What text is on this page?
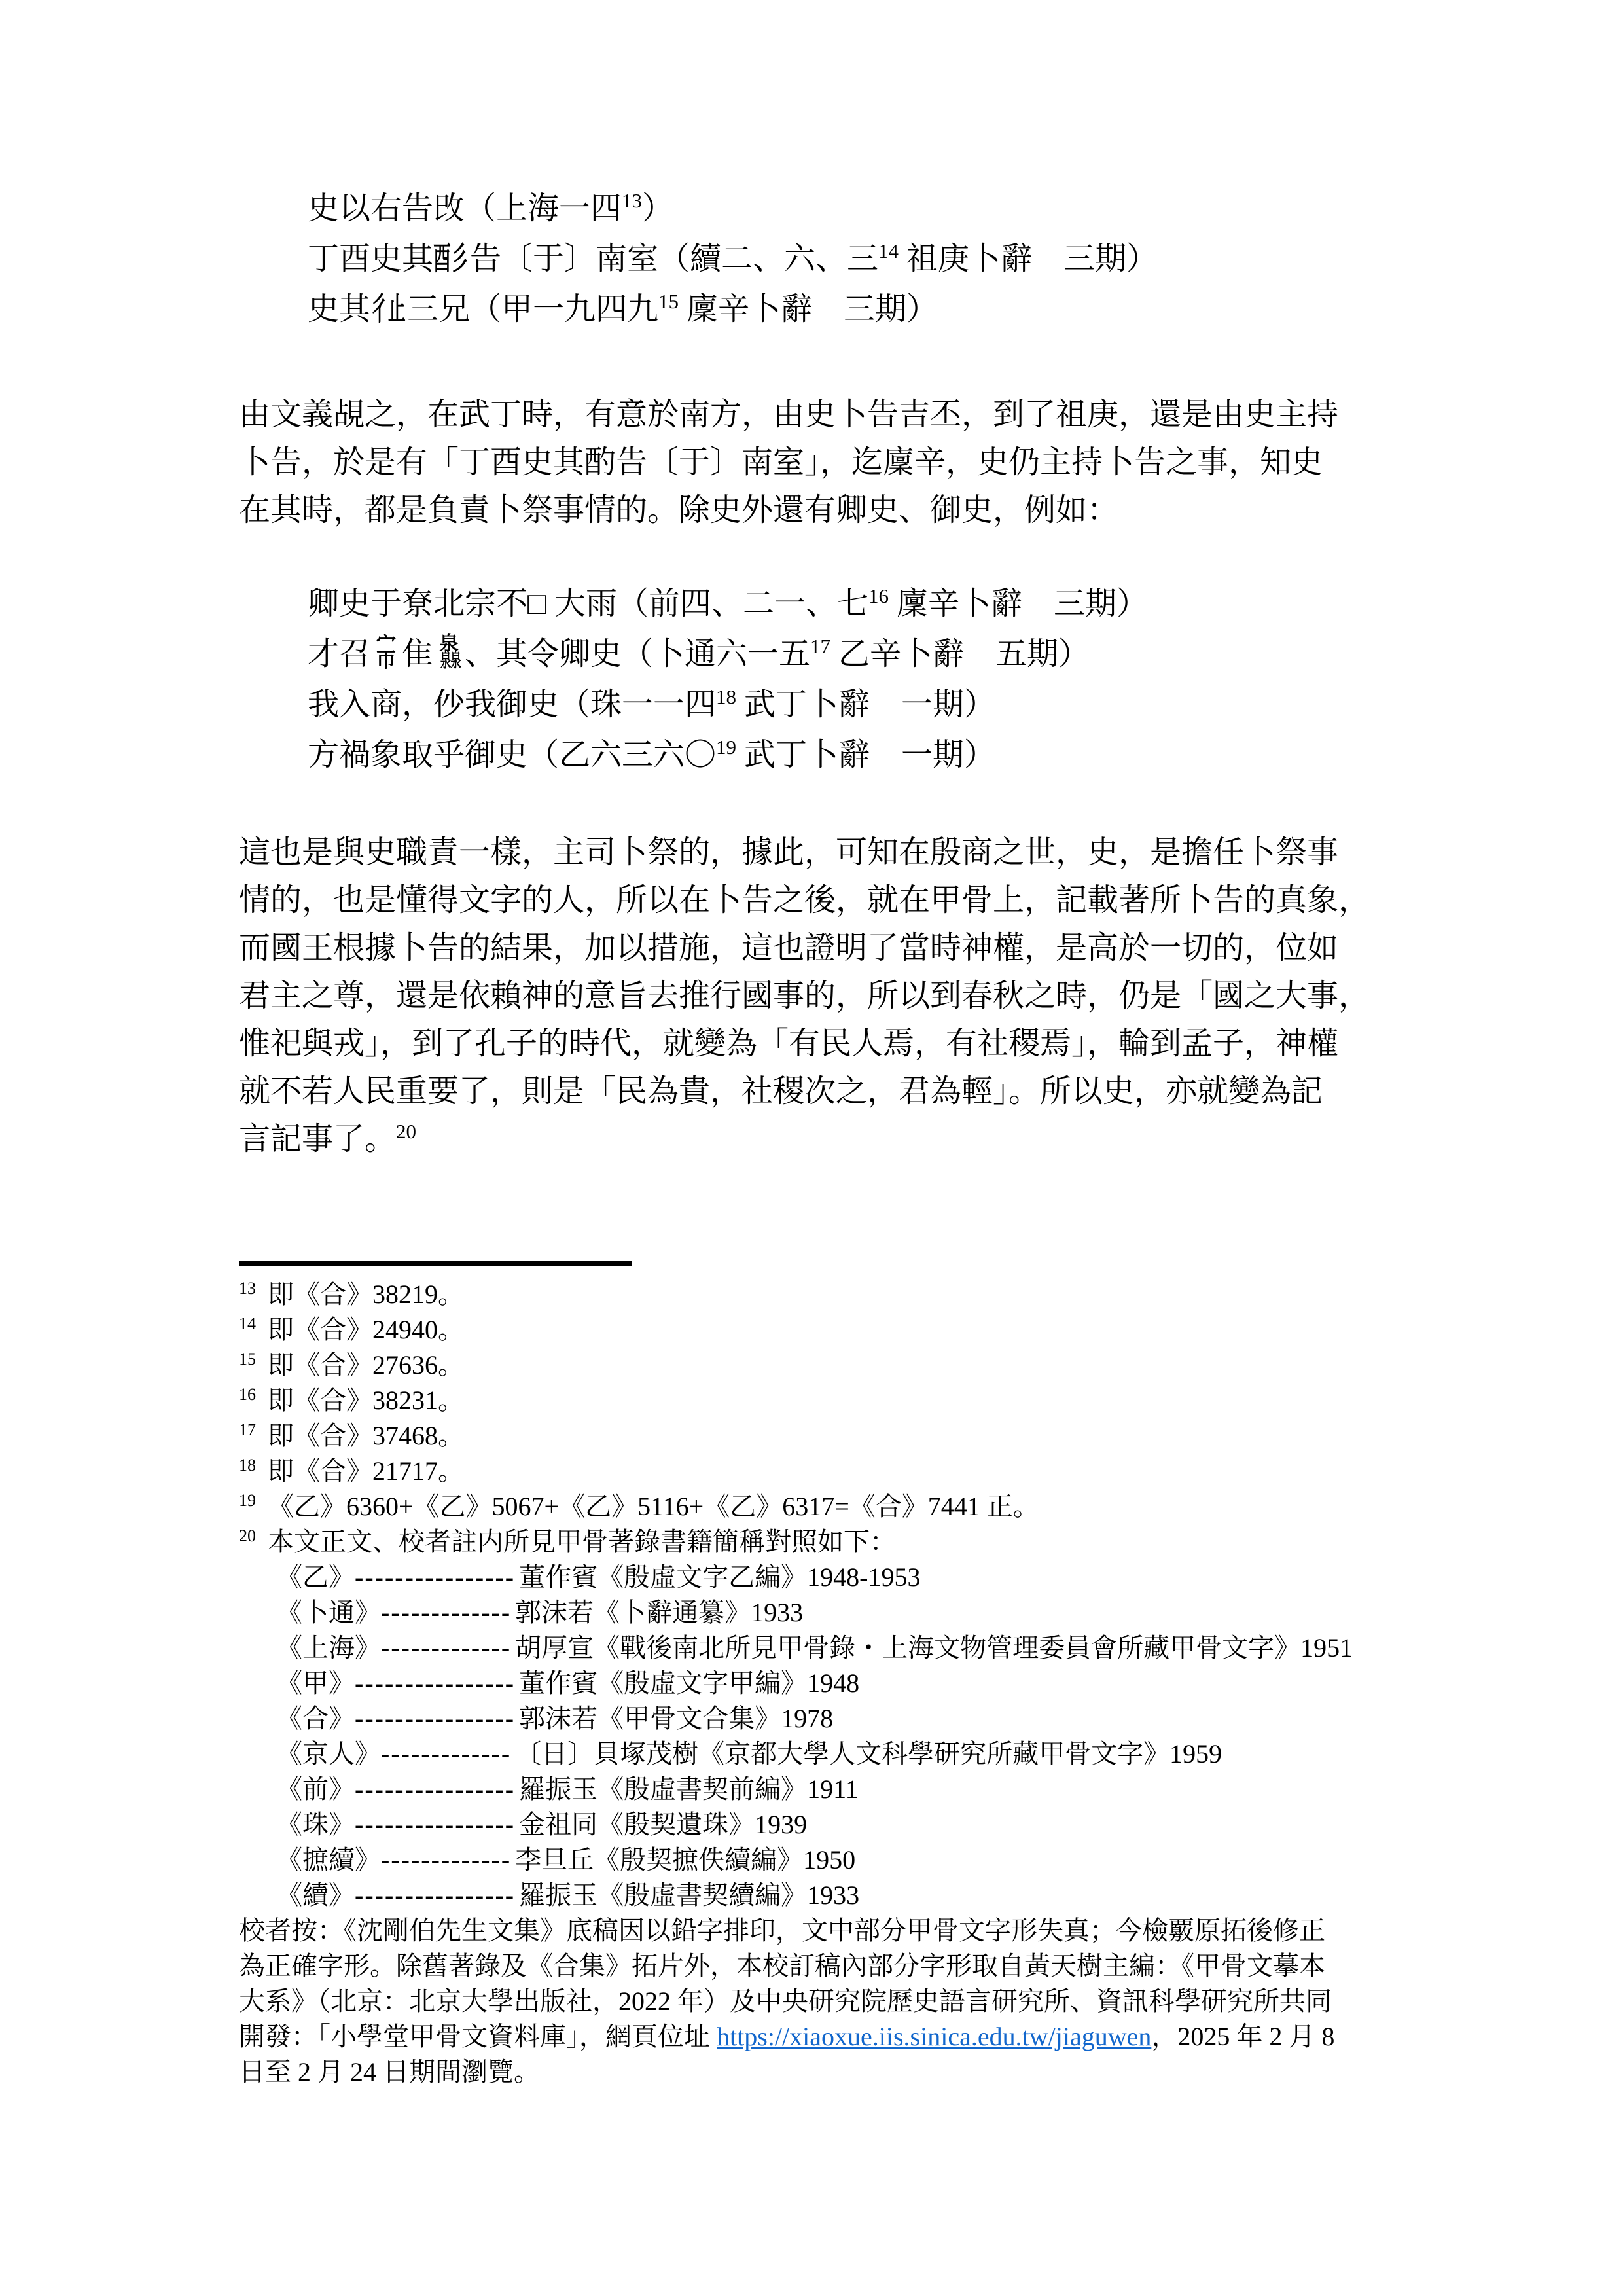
史以右告攺（上海一四$^{13}$）
丁酉史其酉彡告〔于〕南室（續二、六、三$^{14}$ 祖庚卜辭　三期）
史其彳止三兄（甲一九四九$^{15}$ 廩辛卜辭　三期）
由文義覘之，在武丁時，有意於南方，由史卜告吉丕，到了祖庚，還是由史主持
卜告，於是有「丁酉史其酌告〔于〕南室」，迄廩辛，史仍主持卜告之事，知史
在其時，都是負責卜祭事情的。除史外還有卿史、御史，例如：
卿史于尞北宗不□ 大雨（前四、二一、七$^{16}$ 廩辛卜辭　三期）
才召 宀
帀 隹 泉
泉泉 、其令卿史（卜通六一五$^{17}$ 乙辛卜辭　五期）
我入商，仯我御史（珠一一四$^{18}$ 武丁卜辭　一期）
方禍象取乎御史（乙六三六〇$^{19}$ 武丁卜辭　一期）
這也是與史職責一樣，主司卜祭的，據此，可知在殷商之世，史，是擔任卜祭事
情的，也是懂得文字的人，所以在卜告之後，就在甲骨上，記載著所卜告的真象，
而國王根據卜告的結果，加以措施，這也證明了當時神權，是高於一切的，位如
君主之尊，還是依賴神的意旨去推行國事的，所以到春秋之時，仍是「國之大事，
惟祀與戎」，到了孔子的時代，就變為「有民人焉，有社稷焉」，輪到孟子，神權
就不若人民重要了，則是「民為貴，社稷次之，君為輕」。所以史，亦就變為記
言記事了。$^{20}$
$^{13}$ 即《合》38219。
$^{14}$ 即《合》24940。
$^{15}$ 即《合》27636。
$^{16}$ 即《合》38231。
$^{17}$ 即《合》37468。
$^{18}$ 即《合》21717。
$^{19}$ 《乙》6360+《乙》5067+《乙》5116+《乙》6317=《合》7441 正。
$^{20}$ 本文正文、校者註内所見甲骨著錄書籍簡稱對照如下：
《乙》---------------- 董作賓《殷虛文字乙編》1948-1953
《卜通》------------- 郭沫若《卜辭通纂》1933
《上海》------------- 胡厚宣《戰後南北所見甲骨錄・上海文物管理委員會所藏甲骨文字》1951
《甲》---------------- 董作賓《殷虛文字甲編》1948
《合》---------------- 郭沫若《甲骨文合集》1978
《京人》------------- 〔日〕貝塚茂樹《京都大學人文科學研究所藏甲骨文字》1959
《前》---------------- 羅振玉《殷虛書契前編》1911
《珠》---------------- 金祖同《殷契遺珠》1939
《摭續》------------- 李旦丘《殷契摭佚續編》1950
《續》---------------- 羅振玉《殷虛書契續編》1933
校者按：《沈剛伯先生文集》底稿因以鉛字排印，文中部分甲骨文字形失真；今檢覈原拓後修正
為正確字形。除舊著錄及《合集》拓片外，本校訂稿內部分字形取自黃天樹主編：《甲骨文摹本
大系》（北京：北京大學出版社，2022 年）及中央研究院歷史語言研究所、資訊科學研究所共同
開發：「小學堂甲骨文資料庫」，網頁位址 https://xiaoxue.iis.sinica.edu.tw/jiaguwen，2025 年 2 月 8
日至 2 月 24 日期間瀏覽。
